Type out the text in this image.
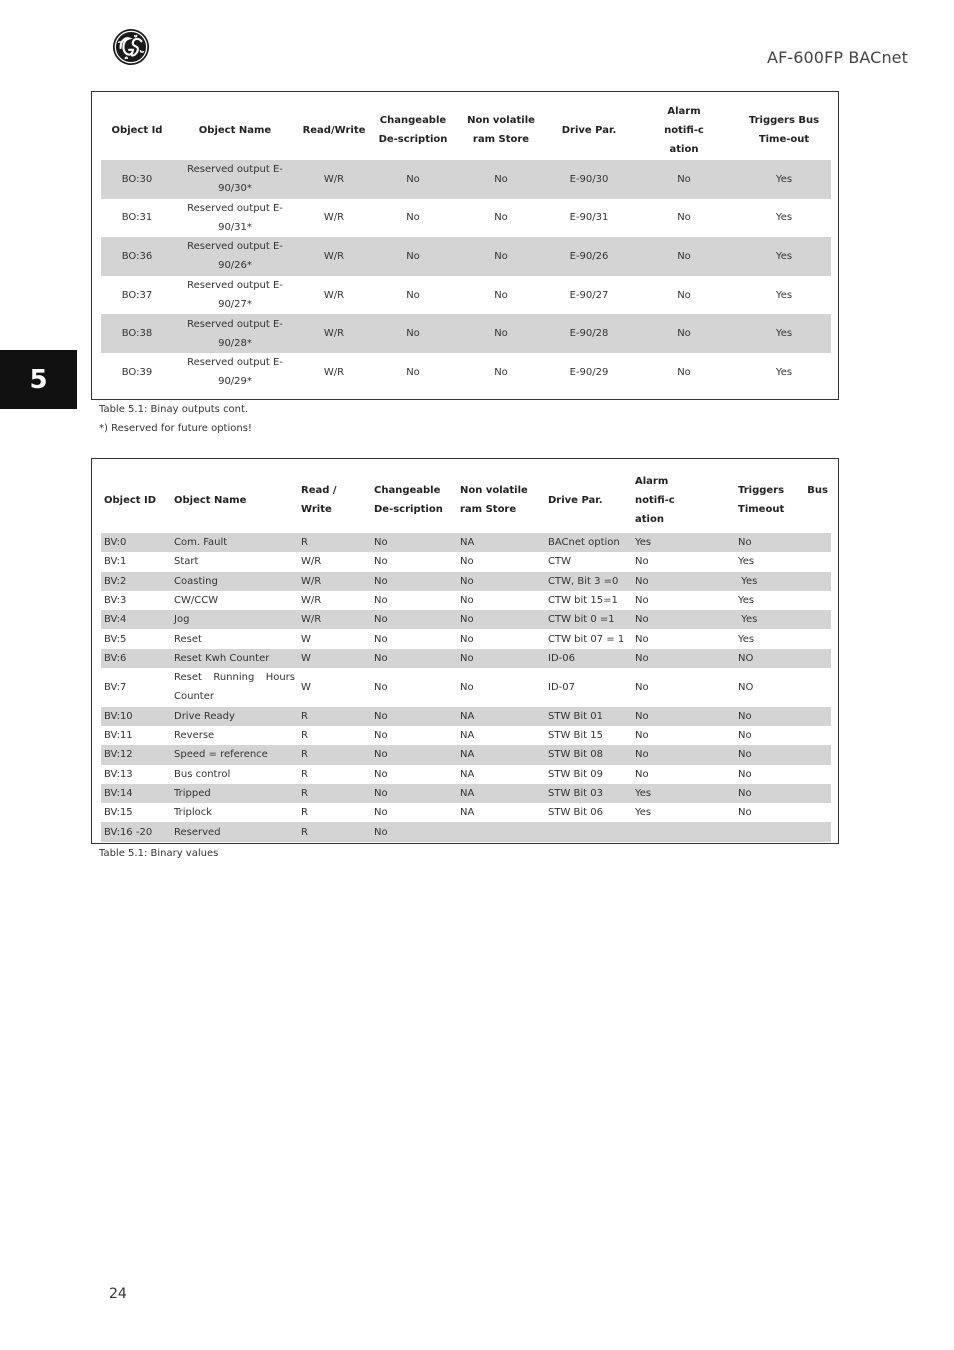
AF-600FP BACnet
5
Object Id	Object Name	Read/Write	Changeable De-scription	Non volatile ram Store	Drive Par.	Alarm notifi-cation	Triggers Bus Time-out
BO:30	Reserved output E-90/30*	W/R	No	No	E-90/30	No	Yes
BO:31	Reserved output E-90/31*	W/R	No	No	E-90/31	No	Yes
BO:36	Reserved output E-90/26*	W/R	No	No	E-90/26	No	Yes
BO:37	Reserved output E-90/27*	W/R	No	No	E-90/27	No	Yes
BO:38	Reserved output E-90/28*	W/R	No	No	E-90/28	No	Yes
BO:39	Reserved output E-90/29*	W/R	No	No	E-90/29	No	Yes
Table 5.1: Binay outputs cont.
*) Reserved for future options!
Object ID	Object Name	Read / Write	Changeable De-scription	Non volatile ram Store	Drive Par.	Alarm notifi-cation	Triggers Bus
Timeout

BV:0	Com. Fault	R	No	NA	BACnet option	Yes	No
BV:1	Start	W/R	No	No	CTW	No	Yes
BV:2	Coasting	W/R	No	No	CTW, Bit 3 =0	No	Yes
BV:3	CW/CCW	W/R	No	No	CTW bit 15=1	No	Yes
BV:4	Jog	W/R	No	No	CTW bit 0 =1	No	Yes
BV:5	Reset	W	No	No	CTW bit 07 = 1	No	Yes
BV:6	Reset Kwh Counter	W	No	No	ID-06	No	NO
BV:7	Reset Running Hours
Counter	W	No	No	ID-07	No	NO
BV:10	Drive Ready	R	No	NA	STW Bit 01	No	No
BV:11	Reverse	R	No	NA	STW Bit 15	No	No
BV:12	Speed = reference	R	No	NA	STW Bit 08	No	No
BV:13	Bus control	R	No	NA	STW Bit 09	No	No
BV:14	Tripped	R	No	NA	STW Bit 03	Yes	No
BV:15	Triplock	R	No	NA	STW Bit 06	Yes	No
BV:16 -20	Reserved	R	No				
Table 5.1: Binary values
24
